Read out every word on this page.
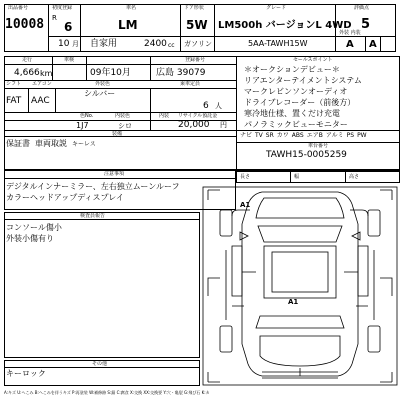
出品番号
10008
初度登録
R
6
10 月
車名
LM
ドア形状
5W
グレード
LM500h バージョンL 4WD
評価点
5
自家用	2400 cc ガソリン	5AA-TAWH15W
外装 内装
A A
走行
4,666 km
車検
09年10月
登録番号
広島 39079
シフト エアコン	外装色	乗車定員
FAT AAC
シルバー
6 人
色No.	内装色	内装 リサイクル預託金
1J7	シロ	20,000 円
装備
保証書 車両取説 キーレス
セールスポイント
＊オークションデビュー＊
リアエンターテイメントシステム
マークレビンソンオーディオ
ドライブレコーダー（前後方）
寒冷地仕様、置くだけ充電
パノラミックビューモニター
ナビ TV SR カワ ABS エアB アルミ PS PW
車台番号
TAWH15-0005259
長さ	幅	高さ
注意事項
デジタルインナーミラー、左右独立ムーンルーフ
カラーヘッドアップディスプレイ
検査員報告
コンソール傷小
外装小傷有り
その他
キーロック
A1
A1
A:キズ U:へこみ B:へこみを伴うキズ P:再塗装 W:補修跡 S:錆 C:腐食 X:交換 XX:交換要 Y:穴・亀裂 G:飛び石 K:カ
